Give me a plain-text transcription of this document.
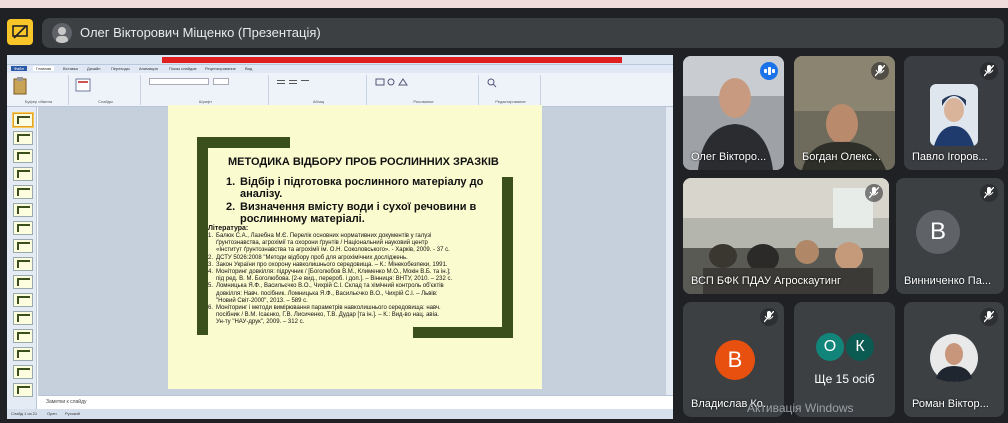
Олег Вікторович Міщенко (Презентація)
Файл	Главная	Вставка Дизайн	Переходы Анимация	Показ слайдов Рецензирование Вид
Буфер обмена	Слайды	Шрифт	Абзац	Рисование	Редактирование
Заметки к слайду
Слайд 1 из 21 Open Русский
МЕТОДИКА ВІДБОРУ ПРОБ РОСЛИННИХ ЗРАЗКІВ
1. Відбір і підготовка рослинного матеріалу до
аналізу.
2. Визначення вмісту води і сухої речовини в
рослинному матеріалі.
Література:
1. Балюк С.А., Лазебна М.Є. Перелік основних нормативних документів у галузі
ґрунтознавства, агрохімії та охорони ґрунтів / Національний науковий центр
«Інститут ґрунтознавства та агрохімії ім. О.Н. Соколовського». - Харків, 2009. - 37 с.
2. ДСТУ 5026:2008 "Методи відбору проб для агрохімічних досліджень.
3. Закон України про охорону навколишнього середовища. – К.: Мінекобезпеки, 1991.
4. Моніторинг довкілля: підручник / [Боголюбов В.М., Клименко М.О., Мокін В.Б. та ін.];
під ред. В. М. Боголюбова. [2-е вид., перероб. і доп.]. – Вінниця: ВНТУ, 2010. – 232 с.
5. Ломницька Я.Ф., Васильєчко В.О., Чихрій С.І. Склад та хімічний контроль об'єктів
довкілля: Навч. посібник. Ломницька Я.Ф., Васильєчко В.О., Чихрій С.І. – Львів:
"Новий Світ-2000", 2013. – 589 с.
6. Моніторинг і методи вимірювання параметрів навколишнього середовища: навч.
посібник / В.М. Ісаєнко, Г.В. Лисиченко, Т.В. Дудар [та ін.]. – К.: Вид-во нац. авіа.
Ун-ту "НАУ-друк", 2009. – 312 с.
Олег Вікторо...	Богдан Олекс...	Павло Ігоров...
ВСП БФК ПДАУ Агроскаутинг
В
Винниченко Па...
В
Владислав Ко...
О	К
Ще 15 осіб
Роман Віктор...
Активація Windows
